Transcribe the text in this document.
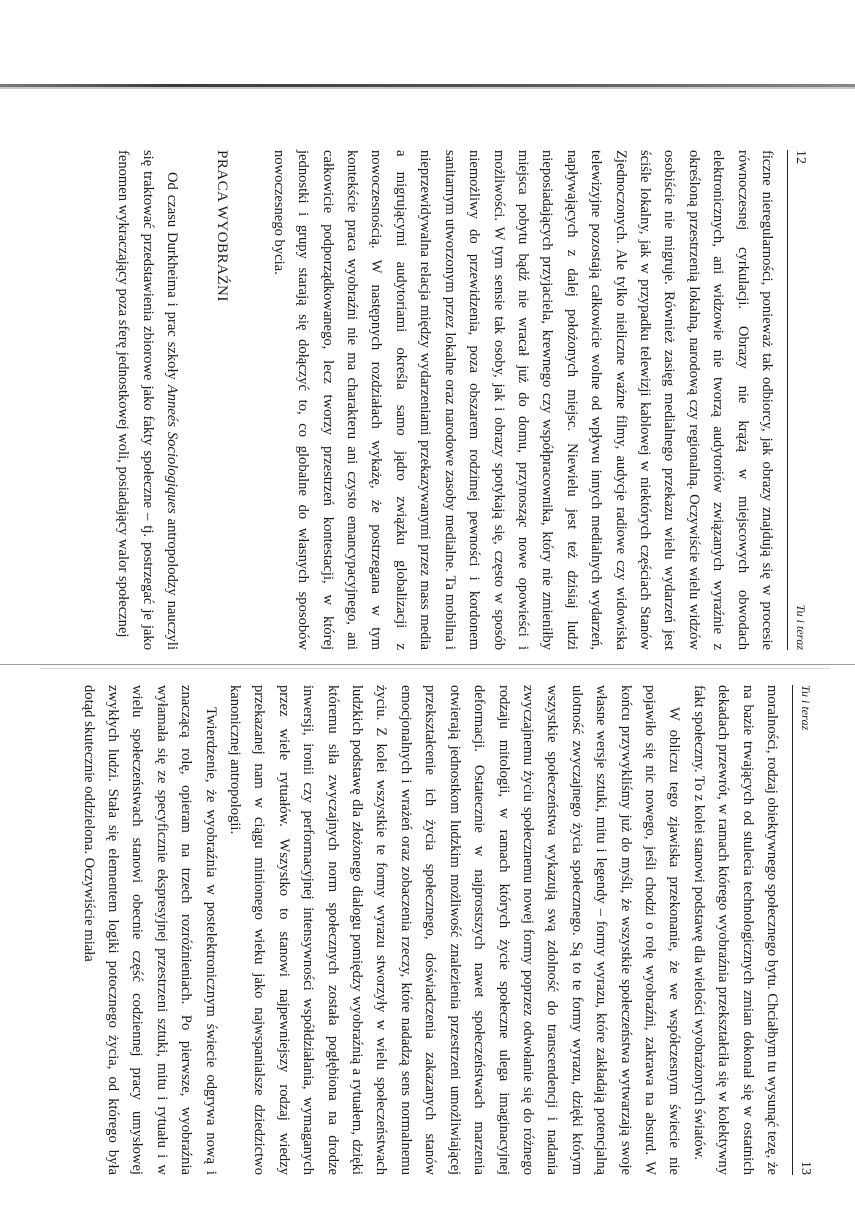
12
Tu i teraz

ficzne nieregularności, ponieważ tak odbiorcy, jak obrazy znajdują się w procesie równoczesnej cyrkulacji. Obrazy nie krążą w miejscowych obwodach elektronicznych, ani widzowie nie tworzą audytoriów związanych wyraźnie z określoną przestrzenią lokalną, narodową czy regionalną. Oczywiście wielu widzów osobiście nie migruje. Również zasięg medialnego przekazu wielu wydarzeń jest ściśle lokalny, jak w przypadku telewizji kablowej w niektórych częściach Stanów Zjednoczonych. Ale tylko nieliczne ważne filmy, audycje radiowe czy widowiska telewizyjne pozostają całkowicie wolne od wpływu innych medialnych wydarzeń, napływających z dalej położonych miejsc. Niewielu jest też dzisiaj ludzi nieposiadających przyjaciela, krewnego czy współpracownika, który nie zmieniłby miejsca pobytu bądź nie wracał już do domu, przynosząc nowe opowieści i możliwości. W tym sensie tak osoby, jak i obrazy spotykają się, często w sposób niemożliwy do przewidzenia, poza obszarem rodzimej pewności i kordonem sanitarnym utworzonym przez lokalne oraz narodowe zasoby medialne. Ta mobilna i nieprzewidywalna relacja między wydarzeniami przekazywanymi przez mass media a migrującymi audytoriami określa samo jądro związku globalizacji z nowoczesnością. W następnych rozdziałach wykażę, że postrzegana w tym kontekście praca wyobraźni nie ma charakteru ani czysto emancypacyjnego, ani całkowicie podporządkowanego, lecz tworzy przestrzeń kontestacji, w której jednostki i grupy starają się dołączyć to, co globalne do własnych sposobów nowoczesnego bycia.

PRACA WYOBRAŹNI

Od czasu Durkheima i prac szkoły Annеés Sociologiques antropolodzy nauczyli się traktować przedstawienia zbiorowe jako fakty społeczne – tj. postrzegać je jako fenomen wykraczający poza sferę jednostkowej woli, posiadający walor społecznej

Tu i teraz
13

moralności, rodzaj obiektywnego społecznego bytu. Chciałbym tu wysunąć tezę, że na bazie trwających od stulecia technologicznych zmian dokonał się w ostatnich dekadach przewrót, w ramach którego wyobraźnia przekształciła się w kolektywny fakt społeczny. To z kolei stanowi podstawę dla wielości wyobrażonych światów.

W obliczu tego zjawiska przekonanie, że we współczesnym świecie nie pojawiło się nic nowego, jeśli chodzi o rolę wyobraźni, zakrawa na absurd. W końcu przywykliśmy już do myśli, że wszystkie społeczeństwa wytwarzają swoje własne wersje sztuki, mitu i legendy – formy wyrazu, które zakładają potencjalną ulotność zwyczajnego życia społecznego. Są to te formy wyrazu, dzięki którym wszystkie społeczeństwa wykazują swą zdolność do transcendencji i nadania zwyczajnemu życiu społecznemu nowej formy poprzez odwołanie się do różnego rodzaju mitologii, w ramach których życie społeczne ulega imaginacyjnej deformacji. Ostatecznie w najprostszych nawet społeczeństwach marzenia otwierają jednostkom ludzkim możliwość znalezienia przestrzeni umożliwiającej przekształcenie ich życia społecznego, doświadczenia zakazanych stanów emocjonalnych i wrażeń oraz zobaczenia rzeczy, które nadadzą sens normalnemu życiu. Z kolei wszystkie te formy wyrazu stworzyły w wielu społeczeństwach ludzkich podstawę dla złożonego dialogu pomiędzy wyobraźnią a rytuałem, dzięki któremu siła zwyczajnych norm społecznych została pogłębiona na drodze inwersji, ironii czy performacyjnej intensywności współdziałania, wymaganych przez wiele rytuałów. Wszystko to stanowi najpewniejszy rodzaj wiedzy przekazanej nam w ciągu minionego wieku jako najwspanialsze dziedzictwo kanonicznej antropologii.

Twierdzenie, że wyobraźnia w postelektronicznym świecie odgrywa nową i znaczącą rolę, opieram na trzech rozróżnieniach. Po pierwsze, wyobraźnia wyłamała się ze specyficznie ekspresyjnej przestrzeni sztuki, mitu i rytuału i w wielu społeczeństwach stanowi obecnie część codziennej pracy umysłowej zwykłych ludzi. Stała się elementem logiki potocznego życia, od którego była dotąd skutecznie oddzielona. Oczywiście miała
